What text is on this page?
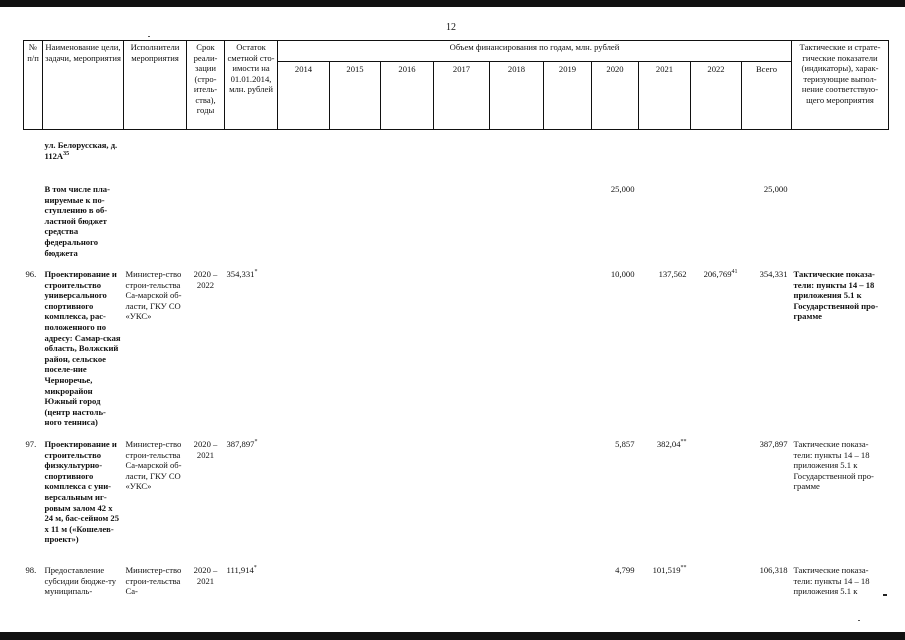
12
№ п/п	Наименование цели, задачи, мероприятия	Исполнители мероприятия	Срок реали-зации (стро-итель-ства), годы	Остаток сметной сто-имости на 01.01.2014, млн. рублей	Объем финансирования по годам, млн. рублей										Тактические и страте-гические показатели (индикаторы), харак-теризующие выпол-нение соответствую-щего мероприятия
					2014	2015	2016	2017	2018	2019	2020	2021	2022	Всего	

	ул. Белорусская, д. $112А^{35}$														
	В том числе пла-нируемые к по-ступлению в об-ластной бюджет средства федерального бюджета										25,000			25,000	
96.	Проектирование и строительство универсального спортивного комплекса, рас-положенного по адресу: Самар-ская область, Волжский район, сельское поселе-ние Черноречье, микрорайон Южный город (центр настоль-ного тенниса)	Министер-ство строи-тельства Са-марской об-ласти, ГКУ СО «УКС»	2020 – 2022	354,331*							10,000	137,562	206,769$^{41}$	354,331	Тактические показа-тели: пункты 14 – 18 приложения 5.1 к Государственной про-грамме
97.	Проектирование и строительство физкультурно-спортивного комплекса с уни-версальным иг-ровым залом 42 х 24 м, бас-сейном 25 х 11 м («Кошелев-проект»)	Министер-ство строи-тельства Са-марской об-ласти, ГКУ СО «УКС»	2020 – 2021	387,897*							5,857	382,04**		387,897	Тактические показа-тели: пункты 14 – 18 приложения 5.1 к Государственной про-грамме
98.	Предоставление субсидии бюдже-ту муниципаль-	Министер-ство строи-тельства Са-	2020 – 2021	111,914*							4,799	101,519**		106,318	Тактические показа-тели: пункты 14 – 18 приложения 5.1 к
